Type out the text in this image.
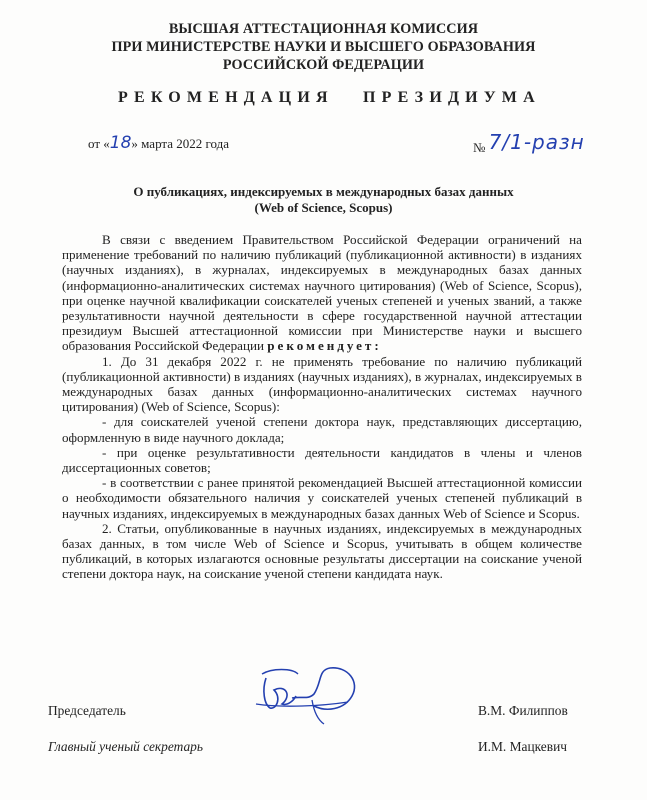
ВЫСШАЯ АТТЕСТАЦИОННАЯ КОМИССИЯ
ПРИ МИНИСТЕРСТВЕ НАУКИ И ВЫСШЕГО ОБРАЗОВАНИЯ
РОССИЙСКОЙ ФЕДЕРАЦИИ
РЕКОМЕНДАЦИЯ ПРЕЗИДИУМА
от «18» марта 2022 года	№ 7/1-разн
О публикациях, индексируемых в международных базах данных
(Web of Science, Scopus)

В связи с введением Правительством Российской Федерации ограничений на применение требований по наличию публикаций (публикационной активности) в изданиях (научных изданиях), в журналах, индексируемых в международных базах данных (информационно-аналитических системах научного цитирования) (Web of Science, Scopus), при оценке научной квалификации соискателей ученых степеней и ученых званий, а также результативности научной деятельности в сфере государственной научной аттестации президиум Высшей аттестационной комиссии при Министерстве науки и высшего образования Российской Федерации рекомендует:

1. До 31 декабря 2022 г. не применять требование по наличию публикаций (публикационной активности) в изданиях (научных изданиях), в журналах, индексируемых в международных базах данных (информационно-аналитических системах научного цитирования) (Web of Science, Scopus):

- для соискателей ученой степени доктора наук, представляющих диссертацию, оформленную в виде научного доклада;

- при оценке результативности деятельности кандидатов в члены и членов диссертационных советов;

- в соответствии с ранее принятой рекомендацией Высшей аттестационной комиссии о необходимости обязательного наличия у соискателей ученых степеней публикаций в научных изданиях, индексируемых в международных базах данных Web of Science и Scopus.

2. Статьи, опубликованные в научных изданиях, индексируемых в международных базах данных, в том числе Web of Science и Scopus, учитывать в общем количестве публикаций, в которых излагаются основные результаты диссертации на соискание ученой степени доктора наук, на соискание ученой степени кандидата наук.

Председатель	В.М. Филиппов
Главный ученый секретарь	И.М. Мацкевич
